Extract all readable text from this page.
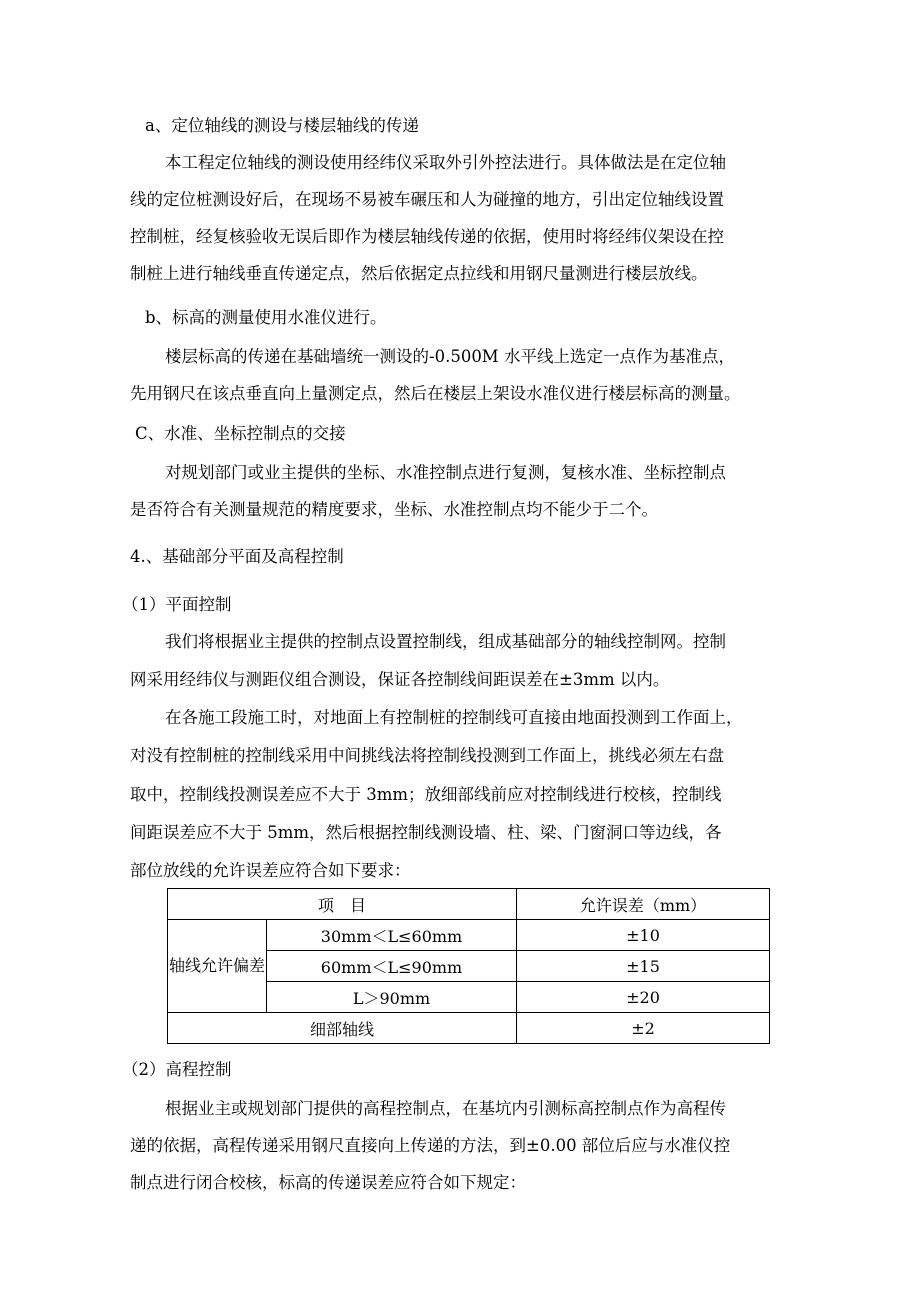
a、定位轴线的测设与楼层轴线的传递
本工程定位轴线的测设使用经纬仪采取外引外控法进行。具体做法是在定位轴
线的定位桩测设好后，在现场不易被车碾压和人为碰撞的地方，引出定位轴线设置
控制桩，经复核验收无误后即作为楼层轴线传递的依据，使用时将经纬仪架设在控
制桩上进行轴线垂直传递定点，然后依据定点拉线和用钢尺量测进行楼层放线。
b、标高的测量使用水准仪进行。
楼层标高的传递在基础墙统一测设的-0.500M 水平线上选定一点作为基准点，
先用钢尺在该点垂直向上量测定点，然后在楼层上架设水准仪进行楼层标高的测量。
C、水准、坐标控制点的交接
对规划部门或业主提供的坐标、水准控制点进行复测，复核水准、坐标控制点
是否符合有关测量规范的精度要求，坐标、水准控制点均不能少于二个。
4.、基础部分平面及高程控制
（1）平面控制
我们将根据业主提供的控制点设置控制线，组成基础部分的轴线控制网。控制
网采用经纬仪与测距仪组合测设，保证各控制线间距误差在±3mm 以内。
在各施工段施工时，对地面上有控制桩的控制线可直接由地面投测到工作面上，
对没有控制桩的控制线采用中间挑线法将控制线投测到工作面上，挑线必须左右盘
取中，控制线投测误差应不大于 3mm；放细部线前应对控制线进行校核，控制线
间距误差应不大于 5mm，然后根据控制线测设墙、柱、梁、门窗洞口等边线，各
部位放线的允许误差应符合如下要求：
项　目		允许误差（mm）
轴线允许偏差	30mm＜L≤60mm	±10
	60mm＜L≤90mm	±15
	L＞90mm	±20
细部轴线		±2
（2）高程控制
根据业主或规划部门提供的高程控制点，在基坑内引测标高控制点作为高程传
递的依据，高程传递采用钢尺直接向上传递的方法，到±0.00 部位后应与水准仪控
制点进行闭合校核，标高的传递误差应符合如下规定：
